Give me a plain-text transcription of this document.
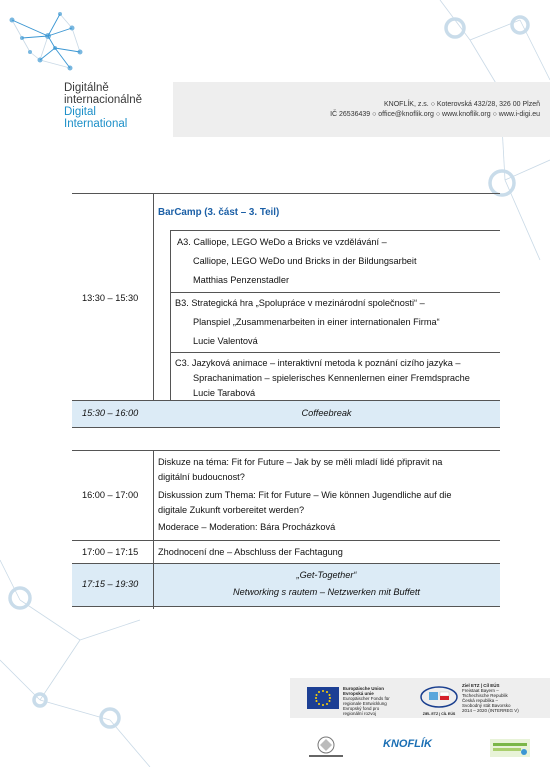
Digitálně
internacionálně
Digital
International
KNOFLÍK, z.s. ○ Koterovská 432/28, 326 00 Plzeň
IČ 26536439 ○ office@knoflik.org ○ www.knoflik.org ○ www.i-digi.eu
BarCamp (3. část – 3. Teil)
13:30 – 15:30
A3. Calliope, LEGO WeDo a Bricks ve vzdělávání –
Calliope, LEGO WeDo und Bricks in der Bildungsarbeit
Matthias Penzenstadler
B3. Strategická hra „Spolupráce v mezinárodní společnosti“ –
Planspiel „Zusammenarbeiten in einer internationalen Firma“
Lucie Valentová
C3. Jazyková animace – interaktivní metoda k poznání cizího jazyka –
Sprachanimation – spielerisches Kennenlernen einer Fremdsprache
Lucie Tarabová
15:30 – 16:00	Coffeebreak
Diskuze na téma: Fit for Future – Jak by se měli mladí lidé připravit na
digitální budoucnost?
16:00 – 17:00 Diskussion zum Thema: Fit for Future – Wie können Jugendliche auf die
digitale Zukunft vorbereitet werden?
Moderace – Moderation: Bára Procházková
17:00 – 17:15 Zhodnocení dne – Abschluss der Fachtagung
17:15 – 19:30
„Get-Together“
Networking s rautem – Netzwerken mit Buffett
Europäische Union
Evropská unie
Europäischer Fonds für
regionale Entwicklung
Evropský fond pro
regionální rozvoj	ZIEL ETZ | CÍL EÚS
Ziel ETZ | Cíl EÚS
Freistaat Bayern –
Tschechische Republik
Česká republika –
Svobodný stát Bavorsko
2014 – 2020 (INTERREG V)
KNOFLÍK
